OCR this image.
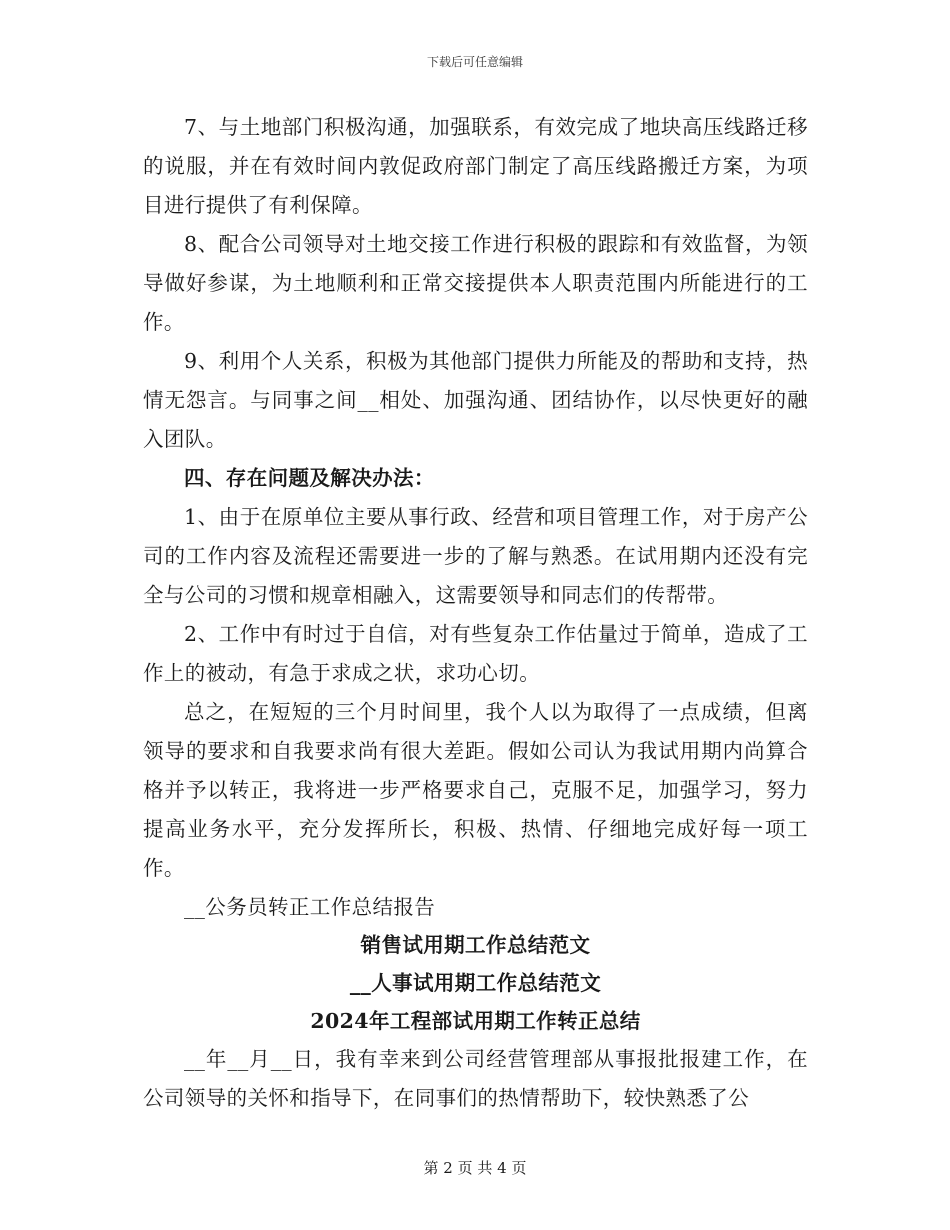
下载后可任意编辑

7、与土地部门积极沟通，加强联系，有效完成了地块高压线路迁移的说服，并在有效时间内敦促政府部门制定了高压线路搬迁方案，为项目进行提供了有利保障。

8、配合公司领导对土地交接工作进行积极的跟踪和有效监督，为领导做好参谋，为土地顺利和正常交接提供本人职责范围内所能进行的工作。

9、利用个人关系，积极为其他部门提供力所能及的帮助和支持，热情无怨言。与同事之间__相处、加强沟通、团结协作，以尽快更好的融入团队。

四、存在问题及解决办法：

1、由于在原单位主要从事行政、经营和项目管理工作，对于房产公司的工作内容及流程还需要进一步的了解与熟悉。在试用期内还没有完全与公司的习惯和规章相融入，这需要领导和同志们的传帮带。

2、工作中有时过于自信，对有些复杂工作估量过于简单，造成了工作上的被动，有急于求成之状，求功心切。

总之，在短短的三个月时间里，我个人以为取得了一点成绩，但离领导的要求和自我要求尚有很大差距。假如公司认为我试用期内尚算合格并予以转正，我将进一步严格要求自己，克服不足，加强学习，努力提高业务水平，充分发挥所长，积极、热情、仔细地完成好每一项工作。

__公务员转正工作总结报告

销售试用期工作总结范文

__人事试用期工作总结范文

2024年工程部试用期工作转正总结

__年__月__日，我有幸来到公司经营管理部从事报批报建工作，在公司领导的关怀和指导下，在同事们的热情帮助下，较快熟悉了公

第 2 页 共 4 页
